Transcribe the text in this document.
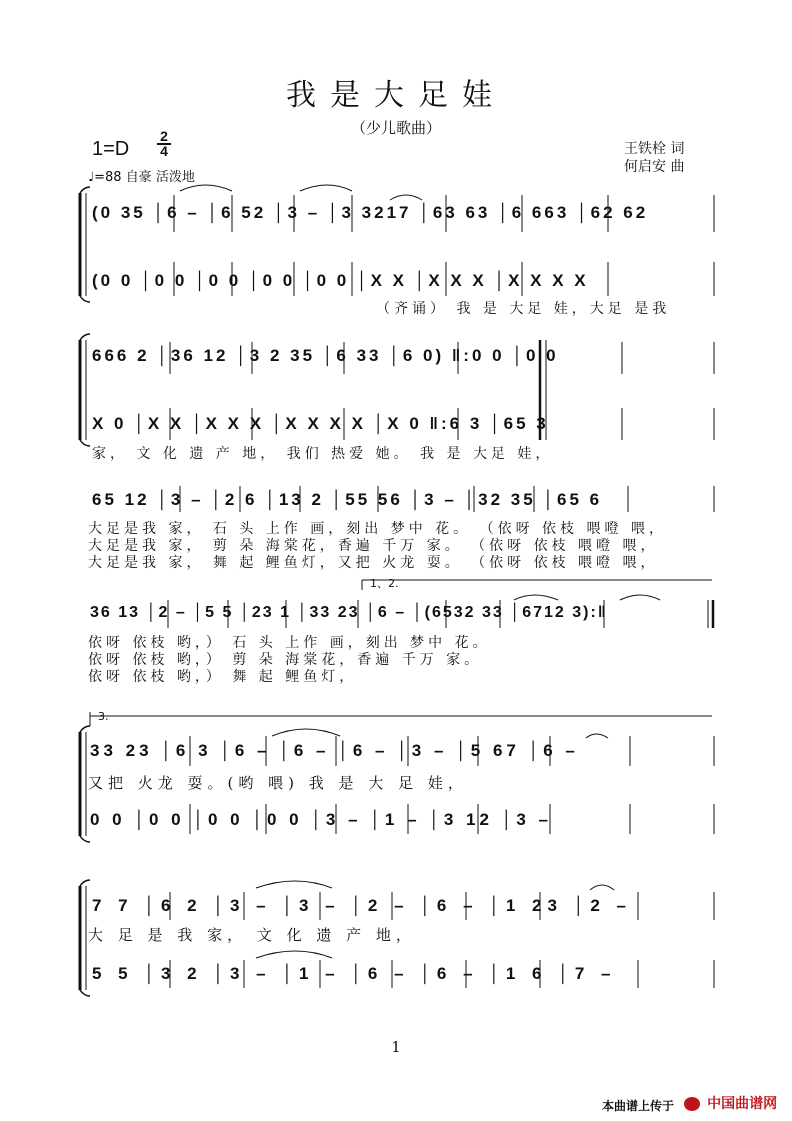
我是大足娃
（少儿歌曲）
1=D
2
4
♩=88 自豪 活泼地
王铁栓 词
何启安 曲
(0 35 │6 – │6 52 │3 – │3 3217 │63 63 │6 663 │62 62
(0 0 │0 0 │0 0 │0 0 │0 0 │X X │X X X │X X X X
（齐诵） 我 是 大足 娃，大足 是我
666 2 │36 12 │3 2 35 │6 33 │6 0) ‖:0 0 │0 0
X 0 │X X │X X X │X X X X │X 0 ‖:6 3 │65 3
家， 文 化 遗 产 地， 我们 热爱 她。 我 是 大足 娃，
65 12 │3 – │2 6 │13 2 │55 56 │3 – │32 35 │65 6
大足是我 家， 石 头 上作 画，刻出 梦中 花。 （依呀 依枝 喂噔 喂，
大足是我 家， 剪 朵 海棠花，香遍 千万 家。 （依呀 依枝 喂噔 喂，
大足是我 家， 舞 起 鲤鱼灯，又把 火龙 耍。 （依呀 依枝 喂噔 喂，
1、2.
36 13 │2 – │5 5 │23 1 │33 23 │6 – │(6532 33 │6712 3):‖
依呀 依枝 哟，） 石 头 上作 画，刻出 梦中 花。
依呀 依枝 哟，） 剪 朵 海棠花，香遍 千万 家。
依呀 依枝 哟，） 舞 起 鲤鱼灯，
3.
33 23 │6 3 │6 – │6 – │6 – │3 – │5 67 │6 –
又把 火龙 耍。(哟 喂) 我 是 大 足 娃，
0 0 │0 0 │0 0 │0 0 │3 – │1 – │3 12 │3 –
7 7 │6 2 │3 – │3 – │2 – │6 – │1 23 │2 –
大 足 是 我 家， 文 化 遗 产 地，
5 5 │3 2 │3 – │1 – │6 – │6 – │1 6 │7 –
1
本曲谱上传于	中国曲谱网
